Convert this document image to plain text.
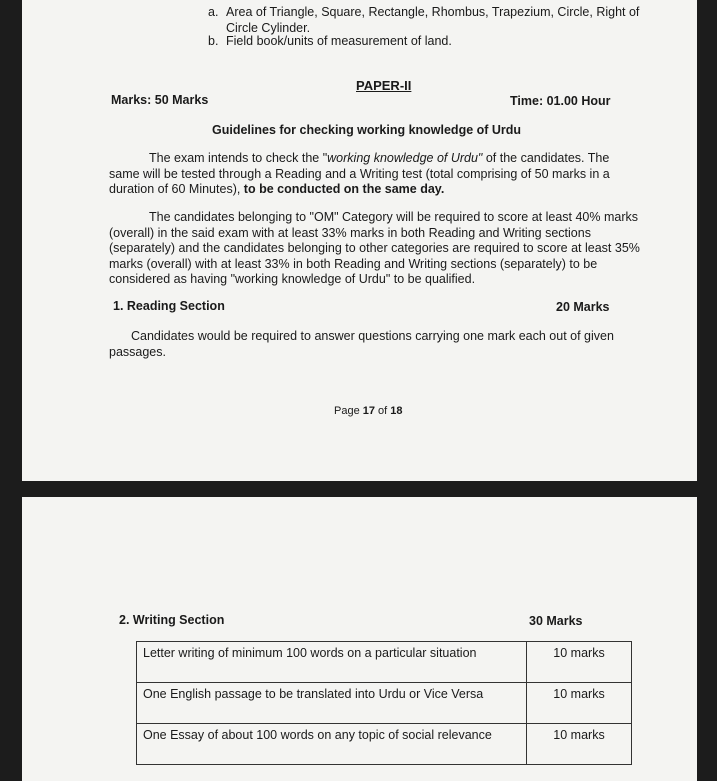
a. Area of Triangle, Square, Rectangle, Rhombus, Trapezium, Circle, Right of
Circle Cylinder.
b. Field book/units of measurement of land.
PAPER-II
Marks: 50 Marks	Time: 01.00 Hour
Guidelines for checking working knowledge of Urdu
The exam intends to check the "working knowledge of Urdu" of the candidates. The
same will be tested through a Reading and a Writing test (total comprising of 50 marks in a
duration of 60 Minutes), to be conducted on the same day.
The candidates belonging to "OM" Category will be required to score at least 40% marks
(overall) in the said exam with at least 33% marks in both Reading and Writing sections
(separately) and the candidates belonging to other categories are required to score at least 35%
marks (overall) with at least 33% in both Reading and Writing sections (separately) to be
considered as having "working knowledge of Urdu" to be qualified.
1. Reading Section	20 Marks
Candidates would be required to answer questions carrying one mark each out of given
passages.
Page 17 of 18
2. Writing Section	30 Marks
Letter writing of minimum 100 words on a particular situation	10 marks
One English passage to be translated into Urdu or Vice Versa	10 marks
One Essay of about 100 words on any topic of social relevance	10 marks
